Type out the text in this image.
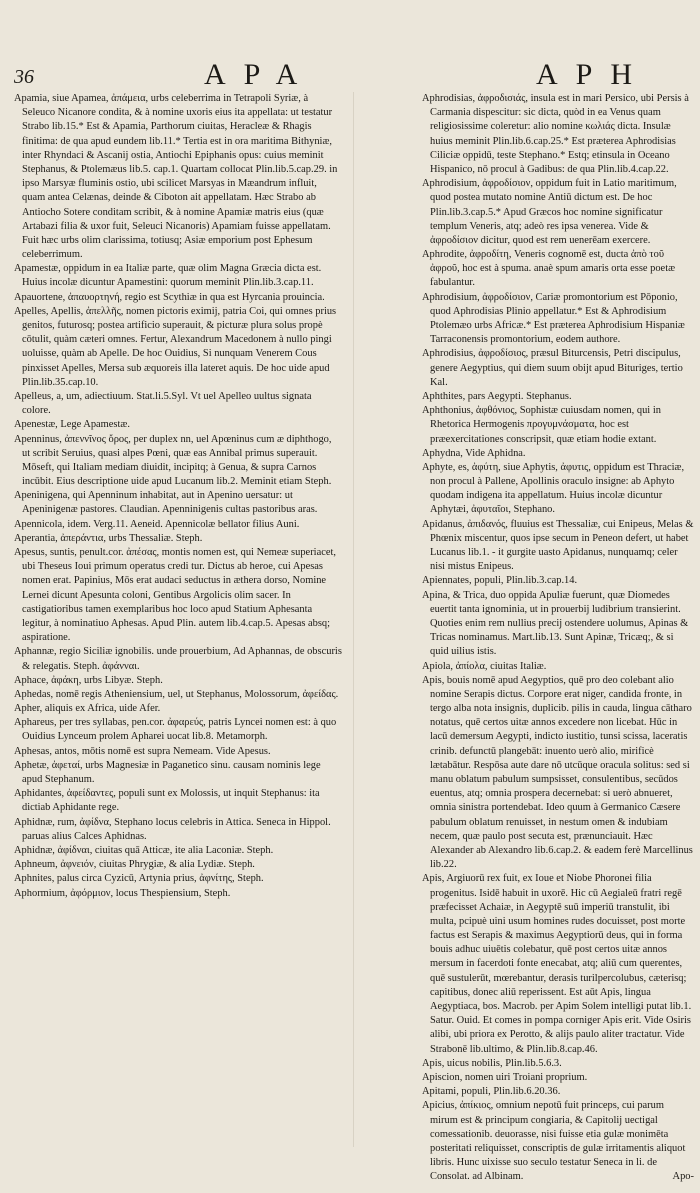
36	APA	APH

Apamia, siue Apamea, ἀπάμεια, urbs celeberrima in Tetrapoli Syriæ, à Seleuco Nicanore condita, & à nomine uxoris eius ita appellata: ut testatur Strabo lib.15.* Est & Apamia, Parthorum ciuitas, Heracleæ & Rhagis finitima: de qua apud eundem lib.11.* Tertia est in ora maritima Bithyniæ, inter Rhyndaci & Ascanij ostia, Antiochi Epiphanis opus: cuius meminit Stephanus, & Ptolemæus lib.5. cap.1. Quartam collocat Plin.lib.5.cap.29. in ipso Marsyæ fluminis ostio, ubi scilicet Marsyas in Mæandrum influit, quam antea Celænas, deinde & Ciboton ait appellatam. Hæc Strabo ab Antiocho Sotere conditam scribit, & à nomine Apamiæ matris eius (quæ Artabazi filia & uxor fuit, Seleuci Nicanoris) Apamiam fuisse appellatam. Fuit hæc urbs olim clarissima, totiusq; Asiæ emporium post Ephesum celeberrimum.

Apamestæ, oppidum in ea Italiæ parte, quæ olim Magna Græcia dicta est. Huius incolæ dicuntur Apamestini: quorum meminit Plin.lib.3.cap.11.

Apauortene, ἀπαυορτηνή, regio est Scythiæ in qua est Hyrcania prouincia.

Apelles, Apellis, ἀπελλῆς, nomen pictoris eximij, patria Coi, qui omnes prius genitos, futurosq; postea artificio superauit, & picturæ plura solus propè cōtulit, quàm cæteri omnes. Fertur, Alexandrum Macedonem à nullo pingi uoluisse, quàm ab Apelle. De hoc Ouidius, Si nunquam Venerem Cous pinxisset Apelles, Mersa sub æquoreis illa lateret aquis. De hoc uide apud Plin.lib.35.cap.10.

Apelleus, a, um, adiectiuum. Stat.li.5.Syl. Vt uel Apelleo uultus signata colore.

Apenestæ, Lege Apamestæ.

Apenninus, ἀπεννῖνος ὄρος, per duplex nn, uel Apœninus cum æ diphthogo, ut scribit Seruius, quasi alpes Pœni, quæ eas Annibal primus superauit. Mōseft, qui Italiam mediam diuidit, incipitq; à Genua, & supra Carnos incūbit. Eius descriptione uide apud Lucanum lib.2. Meminit etiam Steph.

Apeninigena, qui Apenninum inhabitat, aut in Apenino uersatur: ut Apeninigenæ pastores. Claudian. Apenninigenis cultas pastoribus aras.

Apennicola, idem. Verg.11. Aeneid. Apennicolæ bellator filius Auni.

Aperantia, ἀπεράντια, urbs Thessaliæ. Steph.

Apesus, suntis, penult.cor. ἀπέσας, montis nomen est, qui Nemeæ superiacet, ubi Theseus Ioui primum operatus credi tur. Dictus ab heroe, cui Apesas nomen erat. Papinius, Mōs erat audaci seductus in æthera dorso, Nomine Lernei dicunt Apesunta coloni, Gentibus Argolicis olim sacer. In castigatioribus tamen exemplaribus hoc loco apud Statium Aphesanta legitur, à nominatiuo Aphesas. Apud Plin. autem lib.4.cap.5. Apesas absq; aspiratione.

Aphannæ, regio Siciliæ ignobilis. unde prouerbium, Ad Aphannas, de obscuris & relegatis. Steph. ἀφάνναι.

Aphace, ἀφάκη, urbs Libyæ. Steph.

Aphedas, nomē regis Atheniensium, uel, ut Stephanus, Molossorum, ἀφείδας.

Apher, aliquis ex Africa, uide Afer.

Aphareus, per tres syllabas, pen.cor. ἀφαρεύς, patris Lyncei nomen est: à quo Ouidius Lynceum prolem Apharei uocat lib.8. Metamorph.

Aphesas, antos, mōtis nomē est supra Nemeam. Vide Apesus.

Aphetæ, ἀφεταί, urbs Magnesiæ in Paganetico sinu. causam nominis lege apud Stephanum.

Aphidantes, ἀφείδαντες, populi sunt ex Molossis, ut inquit Stephanus: ita dictiab Aphidante rege.

Aphidnæ, rum, ἀφίδνα, Stephano locus celebris in Attica. Seneca in Hippol. paruas alius Calces Aphidnas.

Aphidnæ, ἀφίδναι, ciuitas quā Atticæ, ite alia Laconiæ. Steph.

Aphneum, ἀφνειόν, ciuitas Phrygiæ, & alia Lydiæ. Steph.

Aphnites, palus circa Cyzicū, Artynia prius, ἀφνίτης, Steph.

Aphormium, ἀφόρμιον, locus Thespiensium, Steph.

Aphrodisias, ἀφροδισιάς, insula est in mari Persico, ubi Persis à Carmania dispescitur: sic dicta, quòd in ea Venus quam religiosissime coleretur: alio nomine κωλιάς dicta. Insulæ huius meminit Plin.lib.6.cap.25.* Est præterea Aphrodisias Ciliciæ oppidū, teste Stephano.* Estq; etinsula in Oceano Hispanico, nō procul à Gadibus: de qua Plin.lib.4.cap.22.

Aphrodisium, ἀφροδίσιον, oppidum fuit in Latio maritimum, quod postea mutato nomine Antiū dictum est. De hoc Plin.lib.3.cap.5.* Apud Græcos hoc nomine significatur templum Veneris, atq; adeò res ipsa venerea. Vide & ἀφροδίσιον dicitur, quod est rem uenerēam exercere.

Aphrodite, ἀφροδίτη, Veneris cognomē est, ducta ἀπὸ τοῦ ἀφροῦ, hoc est à spuma. anaè spum amaris orta esse poetæ fabulantur.

Aphrodisium, ἀφροδίσιον, Cariæ promontorium est Pōponio, quod Aphrodisias Plinio appellatur.* Est & Aphrodisium Ptolemæo urbs Africæ.* Est præterea Aphrodisium Hispaniæ Tarraconensis promontorium, eodem authore.

Aphrodisius, ἀφροδίσιος, præsul Biturcensis, Petri discipulus, genere Aegyptius, qui diem suum obijt apud Bituriges, tertio Kal.

Aphthites, pars Aegypti. Stephanus.

Aphthonius, ἀφθόνιος, Sophistæ cuiusdam nomen, qui in Rhetorica Hermogenis προγυμνάσματα, hoc est præexercitationes conscripsit, quæ etiam hodie extant.

Aphydna, Vide Aphidna.

Aphyte, es, ἀφύτη, siue Aphytis, ἀφυτις, oppidum est Thraciæ, non procul à Pallene, Apollinis oraculo insigne: ab Aphyto quodam indigena ita appellatum. Huius incolæ dicuntur Aphytæi, ἀφυταῖοι, Stephano.

Apidanus, ἀπιδανός, fluuius est Thessaliæ, cui Enipeus, Melas & Phœnix miscentur, quos ipse secum in Peneon defert, ut habet Lucanus lib.1. - it gurgite uasto Apidanus, nunquamq; celer nisi mistus Enipeus.

Apiennates, populi, Plin.lib.3.cap.14.

Apina, & Trica, duo oppida Apuliæ fuerunt, quæ Diomedes euertit tanta ignominia, ut in prouerbij ludibrium transierint. Quoties enim rem nullius precij ostendere uolumus, Apinas & Tricas nominamus. Mart.lib.13. Sunt Apinæ, Tricæq;, & si quid uilius istis.

Apiola, ἀπίολα, ciuitas Italiæ.

Apis, bouis nomē apud Aegyptios, quē pro deo colebant alio nomine Serapis dictus. Corpore erat niger, candida fronte, in tergo alba nota insignis, duplicib. pilis in cauda, lingua cātharo notatus, quē certos uitæ annos excedere non licebat. Hūc in lacū demersum Aegypti, indicto iustitio, tunsi scissa, laceratis crinib. defunctū plangebāt: inuento uerò alio, mirificè lætabātur. Respōsa aute dare nō utcūque oracula solitus: sed si manu oblatum pabulum sumpsisset, consulentibus, secūdos euentus, atq; omnia prospera decernebat: si uerò abnueret, omnia sinistra portendebat. Ideo quum à Germanico Cæsere pabulum oblatum renuisset, in nestum omen & indubiam necem, quæ paulo post secuta est, prænunciauit. Hæc Alexander ab Alexandro lib.6.cap.2. & eadem ferè Marcellinus lib.22.

Apis, Argiuorū rex fuit, ex Ioue et Niobe Phoronei filia progenitus. Isidē habuit in uxorē. Hic cū Aegialeū fratri regē præfecisset Achaiæ, in Aegyptē suū imperiū transtulit, ibi multa, pcipuè uini usum homines rudes docuisset, post morte factus est Serapis & maximus Aegyptiorū deus, qui in forma bouis adhuc uiuētis colebatur, quē post certos uitæ annos mersum in facerdoti fonte enecabat, atq; aliū cum querentes, quē sustulerūt, mœrebantur, derasis turilpercolubus, cæterisq; capitibus, donec aliū reperissent. Est aūt Apis, lingua Aegyptiaca, bos. Macrob. per Apim Solem intelligi putat lib.1. Satur. Ouid. Et comes in pompa corniger Apis erit. Vide Osiris alibi, ubi priora ex Perotto, & alijs paulo aliter tractatur. Vide Strabonē lib.ultimo, & Plin.lib.8.cap.46.

Apis, uicus nobilis, Plin.lib.5.6.3.

Apiscion, nomen uiri Troiani proprium.

Apitami, populi, Plin.lib.6.20.36.

Apicius, ἀπίκιος, omnium nepotū fuit princeps, cui parum mirum est & principum congiaria, & Capitolij uectigal comessationib. deuorasse, nisi fuisse etia gulæ monimēta posteritati reliquisset, conscriptis de gulæ irritamentis aliquot libris. Hunc uixisse suo seculo testatur Seneca in li. de Consolat. ad Albinam.	Apo-
